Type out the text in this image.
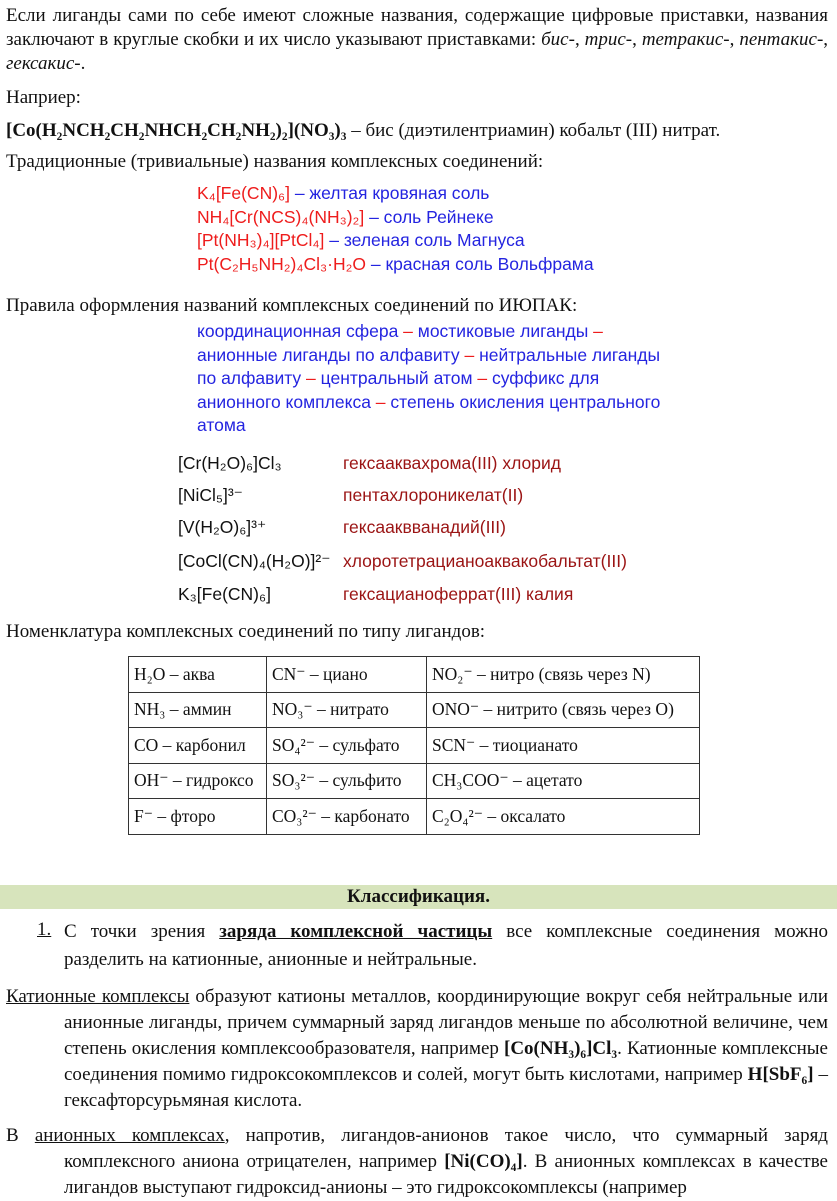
Если лиганды сами по себе имеют сложные названия, содержащие цифровые приставки, названия заключают в круглые скобки и их число указывают приставками: бис-, трис-, тетракис-, пентакис-, гексакис-.
Наприер:
[Co(H₂NCH₂CH₂NHCH₂CH₂NH₂)₂](NO₃)₃ – бис (диэтилентриамин) кобальт (III) нитрат.
Традиционные (тривиальные) названия комплексных соединений:
K₄[Fe(CN)₆] – желтая кровяная соль
NH₄[Cr(NCS)₄(NH₃)₂] – соль Рейнеке
[Pt(NH₃)₄][PtCl₄] – зеленая соль Магнуса
Pt(C₂H₅NH₂)₄Cl₃·H₂O – красная соль Вольфрама
Правила оформления названий комплексных соединений по ИЮПАК:
координационная сфера – мостиковые лиганды – анионные лиганды по алфавиту – нейтральные лиганды по алфавиту – центральный атом – суффикс для анионного комплекса – степень окисления центрального атома
[Cr(H₂O)₆]Cl₃	гексааквахрома(III) хлорид
[NiCl₅]³⁻	пентахлороникелат(II)
[V(H₂O)₆]³⁺	гексааквванадий(III)
[CoCl(CN)₄(H₂O)]²⁻ хлоротетрацианоаквакобальтат(III)
K₃[Fe(CN)₆]	гексацианоферрат(III) калия
Номенклатура комплексных соединений по типу лигандов:
H₂O – аква	CN⁻ – циано	NO₂⁻ – нитро (связь через N)
NH₃ – аммин	NO₃⁻ – нитрато	ONO⁻ – нитрито (связь через O)
CO – карбонил	SO₄²⁻ – сульфато	SCN⁻ – тиоцианато
OH⁻ – гидроксо	SO₃²⁻ – сульфито	CH₃COO⁻ – ацетато
F⁻ – фторо	CO₃²⁻ – карбонато	C₂O₄²⁻ – оксалато
Классификация.
1. С точки зрения заряда комплексной частицы все комплексные соединения можно разделить на катионные, анионные и нейтральные.
Катионные комплексы образуют катионы металлов, координирующие вокруг себя нейтральные или анионные лиганды, причем суммарный заряд лигандов меньше по абсолютной величине, чем степень окисления комплексообразователя, например [Co(NH₃)₆]Cl₃. Катионные комплексные соединения помимо гидроксокомплексов и солей, могут быть кислотами, например H[SbF₆] – гексафторсурьмяная кислота.
В анионных комплексах, напротив, лигандов-анионов такое число, что суммарный заряд комплексного аниона отрицателен, например [Ni(CO)₄]. В анионных комплексах в качестве лигандов выступают гидроксид-анионы – это гидроксокомплексы (например
